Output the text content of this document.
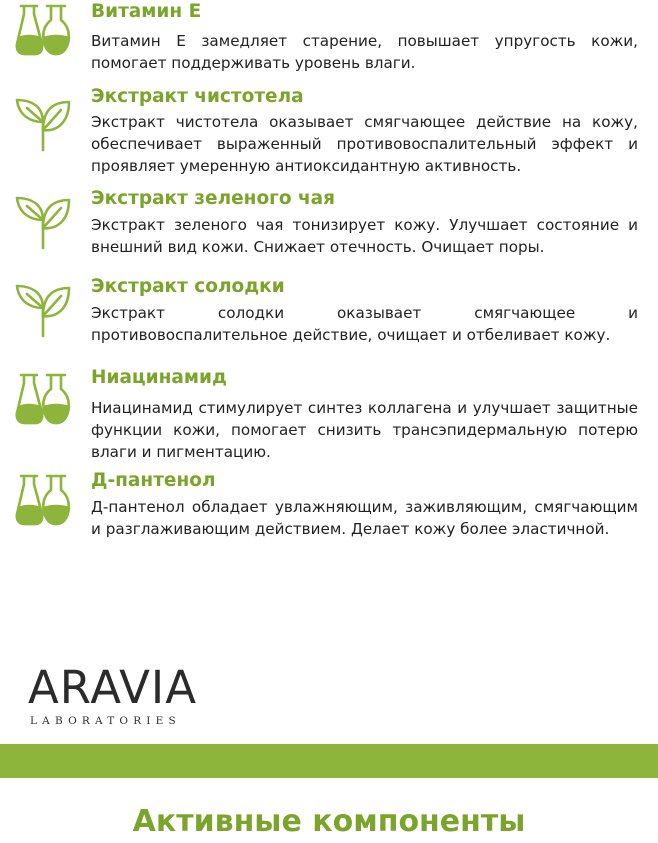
Витамин Е

Витамин Е замедляет старение, повышает упругость кожи, помогает поддерживать уровень влаги.

Экстракт чистотела

Экстракт чистотела оказывает смягчающее действие на кожу, обеспечивает выраженный противовоспалительный эффект и проявляет умеренную антиоксидантную активность.

Экстракт зеленого чая

Экстракт зеленого чая тонизирует кожу. Улучшает состояние и внешний вид кожи. Снижает отечность. Очищает поры.

Экстракт солодки

Экстракт солодки оказывает смягчающее и противовоспалительное действие, очищает и отбеливает кожу.

Ниацинамид

Ниацинамид стимулирует синтез коллагена и улучшает защитные функции кожи, помогает снизить трансэпидермальную потерю влаги и пигментацию.

Д-пантенол

Д-пантенол обладает увлажняющим, заживляющим, смягчающим и разглаживающим действием. Делает кожу более эластичной.

ARAVIA
LABORATORIES
Активные компоненты
